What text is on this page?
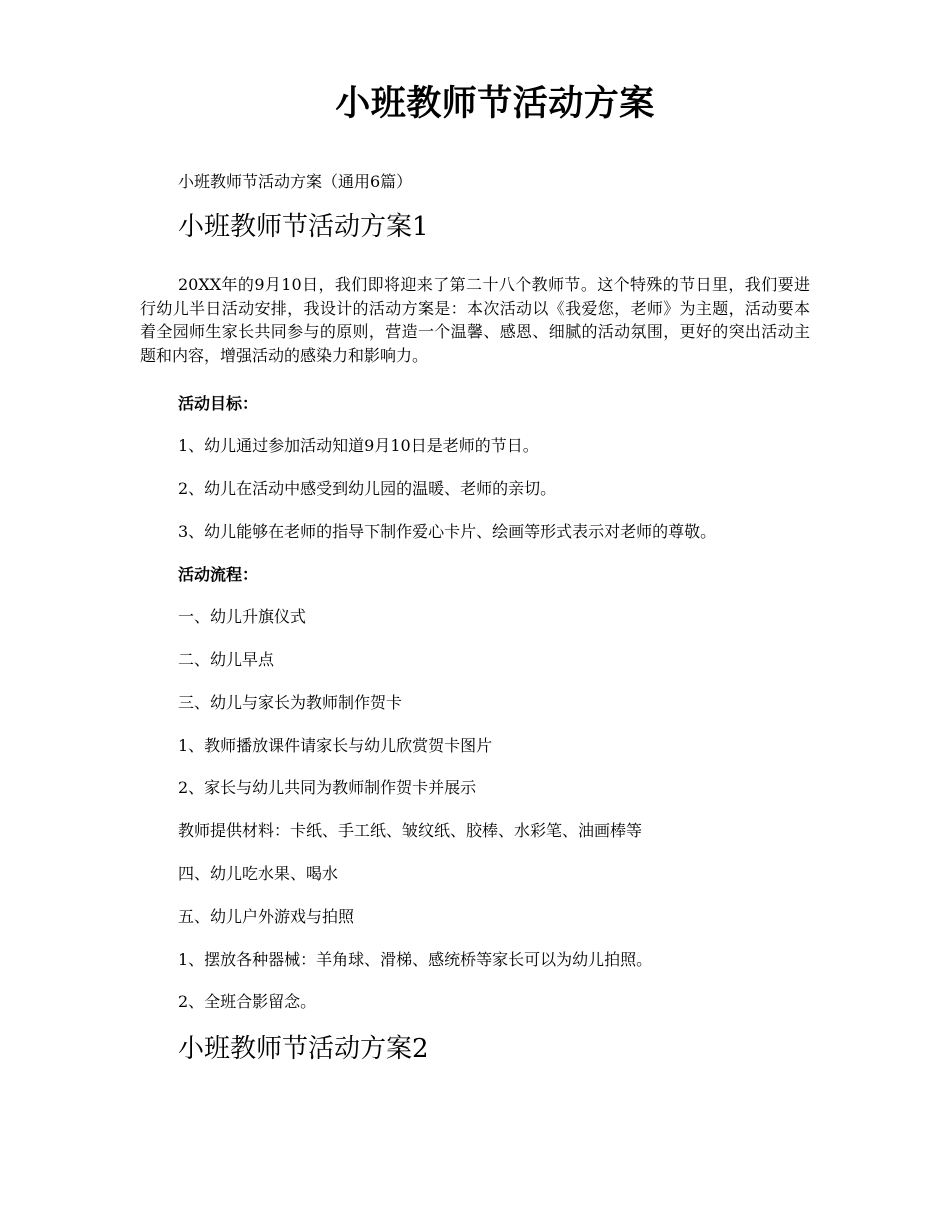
小班教师节活动方案
小班教师节活动方案（通用6篇）
小班教师节活动方案1
20XX年的9月10日，我们即将迎来了第二十八个教师节。这个特殊的节日里，我们要进行幼儿半日活动安排，我设计的活动方案是：本次活动以《我爱您，老师》为主题，活动要本着全园师生家长共同参与的原则，营造一个温馨、感恩、细腻的活动氛围，更好的突出活动主题和内容，增强活动的感染力和影响力。
活动目标：
1、幼儿通过参加活动知道9月10日是老师的节日。
2、幼儿在活动中感受到幼儿园的温暖、老师的亲切。
3、幼儿能够在老师的指导下制作爱心卡片、绘画等形式表示对老师的尊敬。
活动流程：
一、幼儿升旗仪式
二、幼儿早点
三、幼儿与家长为教师制作贺卡
1、教师播放课件请家长与幼儿欣赏贺卡图片
2、家长与幼儿共同为教师制作贺卡并展示
教师提供材料：卡纸、手工纸、皱纹纸、胶棒、水彩笔、油画棒等
四、幼儿吃水果、喝水
五、幼儿户外游戏与拍照
1、摆放各种器械：羊角球、滑梯、感统桥等家长可以为幼儿拍照。
2、全班合影留念。
小班教师节活动方案2
